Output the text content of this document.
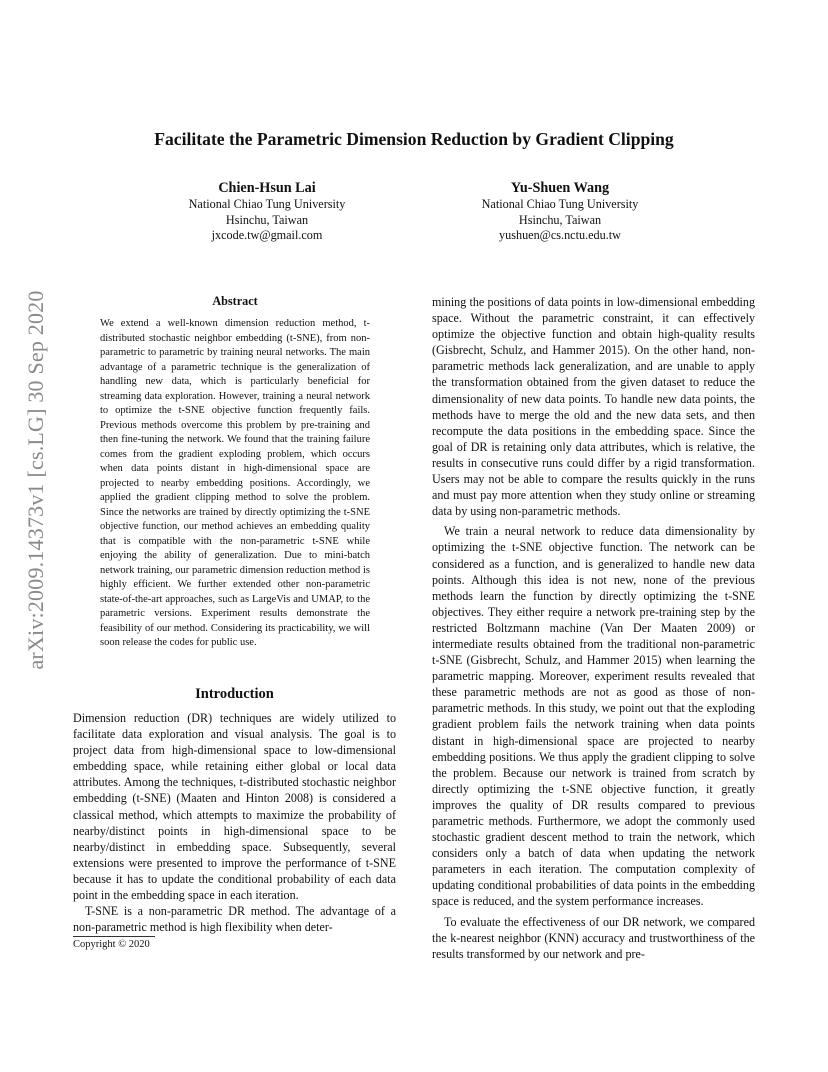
arXiv:2009.14373v1 [cs.LG] 30 Sep 2020
Facilitate the Parametric Dimension Reduction by Gradient Clipping
Chien-Hsun Lai
National Chiao Tung University
Hsinchu, Taiwan
jxcode.tw@gmail.com
Yu-Shuen Wang
National Chiao Tung University
Hsinchu, Taiwan
yushuen@cs.nctu.edu.tw
Abstract
We extend a well-known dimension reduction method, t-distributed stochastic neighbor embedding (t-SNE), from non-parametric to parametric by training neural networks. The main advantage of a parametric technique is the generalization of handling new data, which is particularly beneficial for streaming data exploration. However, training a neural network to optimize the t-SNE objective function frequently fails. Previous methods overcome this problem by pre-training and then fine-tuning the network. We found that the training failure comes from the gradient exploding problem, which occurs when data points distant in high-dimensional space are projected to nearby embedding positions. Accordingly, we applied the gradient clipping method to solve the problem. Since the networks are trained by directly optimizing the t-SNE objective function, our method achieves an embedding quality that is compatible with the non-parametric t-SNE while enjoying the ability of generalization. Due to mini-batch network training, our parametric dimension reduction method is highly efficient. We further extended other non-parametric state-of-the-art approaches, such as LargeVis and UMAP, to the parametric versions. Experiment results demonstrate the feasibility of our method. Considering its practicability, we will soon release the codes for public use.
Introduction

Dimension reduction (DR) techniques are widely utilized to facilitate data exploration and visual analysis. The goal is to project data from high-dimensional space to low-dimensional embedding space, while retaining either global or local data attributes. Among the techniques, t-distributed stochastic neighbor embedding (t-SNE) (Maaten and Hinton 2008) is considered a classical method, which attempts to maximize the probability of nearby/distinct points in high-dimensional space to be nearby/distinct in embedding space. Subsequently, several extensions were presented to improve the performance of t-SNE because it has to update the conditional probability of each data point in the embedding space in each iteration.

T-SNE is a non-parametric DR method. The advantage of a non-parametric method is high flexibility when deter-

Copyright © 2020

mining the positions of data points in low-dimensional embedding space. Without the parametric constraint, it can effectively optimize the objective function and obtain high-quality results (Gisbrecht, Schulz, and Hammer 2015). On the other hand, non-parametric methods lack generalization, and are unable to apply the transformation obtained from the given dataset to reduce the dimensionality of new data points. To handle new data points, the methods have to merge the old and the new data sets, and then recompute the data positions in the embedding space. Since the goal of DR is retaining only data attributes, which is relative, the results in consecutive runs could differ by a rigid transformation. Users may not be able to compare the results quickly in the runs and must pay more attention when they study online or streaming data by using non-parametric methods.

We train a neural network to reduce data dimensionality by optimizing the t-SNE objective function. The network can be considered as a function, and is generalized to handle new data points. Although this idea is not new, none of the previous methods learn the function by directly optimizing the t-SNE objectives. They either require a network pre-training step by the restricted Boltzmann machine (Van Der Maaten 2009) or intermediate results obtained from the traditional non-parametric t-SNE (Gisbrecht, Schulz, and Hammer 2015) when learning the parametric mapping. Moreover, experiment results revealed that these parametric methods are not as good as those of non-parametric methods. In this study, we point out that the exploding gradient problem fails the network training when data points distant in high-dimensional space are projected to nearby embedding positions. We thus apply the gradient clipping to solve the problem. Because our network is trained from scratch by directly optimizing the t-SNE objective function, it greatly improves the quality of DR results compared to previous parametric methods. Furthermore, we adopt the commonly used stochastic gradient descent method to train the network, which considers only a batch of data when updating the network parameters in each iteration. The computation complexity of updating conditional probabilities of data points in the embedding space is reduced, and the system performance increases.

To evaluate the effectiveness of our DR network, we compared the k-nearest neighbor (KNN) accuracy and trustworthiness of the results transformed by our network and pre-
